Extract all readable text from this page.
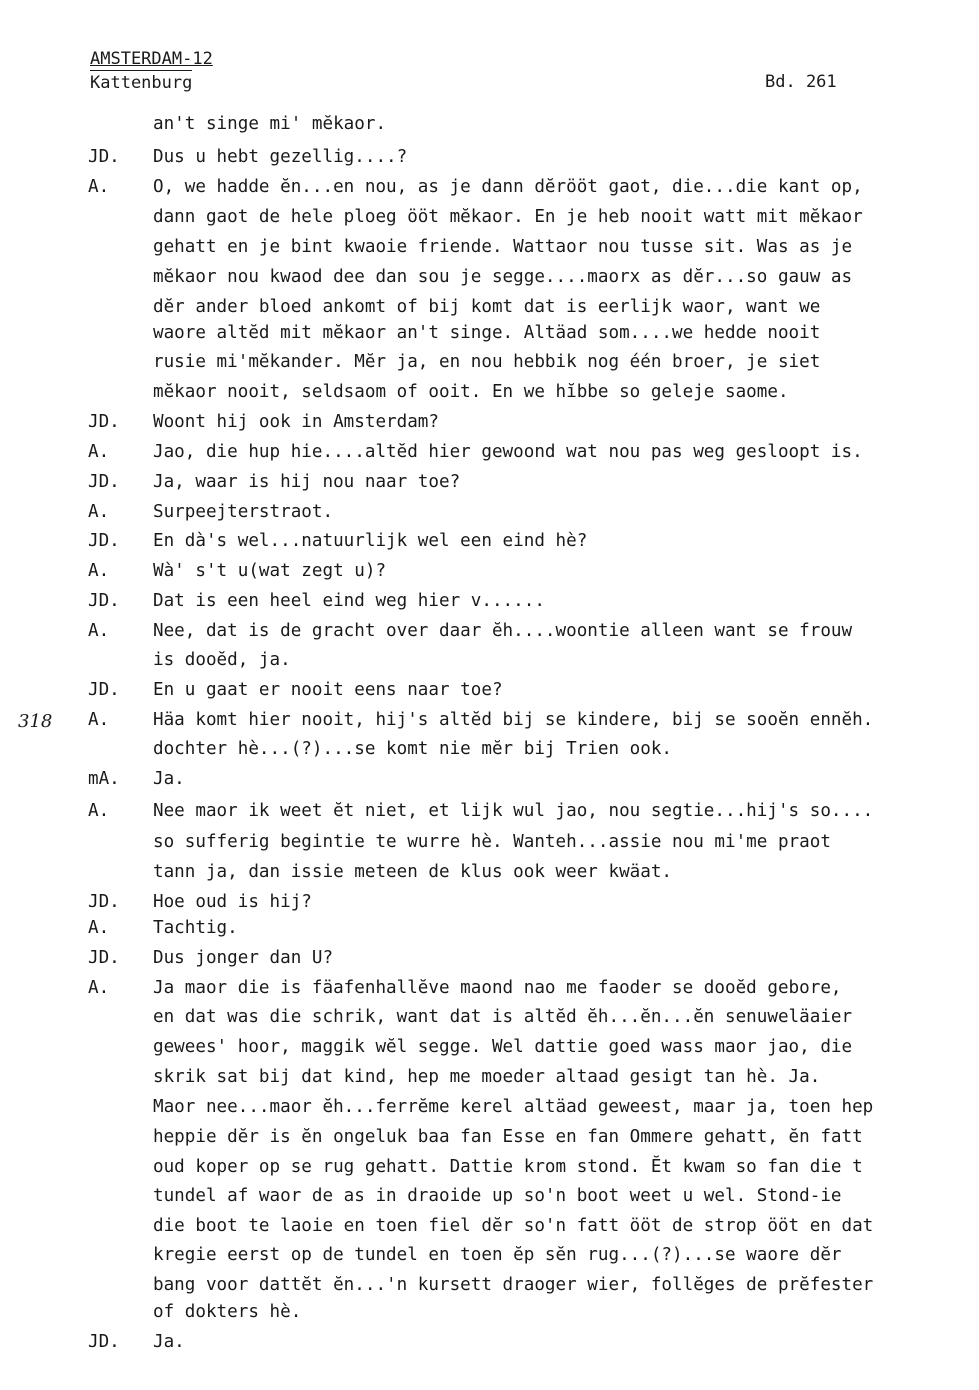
AMSTERDAM-12
Kattenburg	Bd. 261
318
an't singe mi' mĕkaor.
JD. Dus u hebt gezellig....?
A. O, we hadde ĕn...en nou, as je dann dĕrööt gaot, die...die kant op,
dann gaot de hele ploeg ööt mĕkaor. En je heb nooit watt mit mĕkaor
gehatt en je bint kwaoie friende. Wattaor nou tusse sit. Was as je
mĕkaor nou kwaod dee dan sou je segge....maorx as dĕr...so gauw as
dĕr ander bloed ankomt of bij komt dat is eerlijk waor, want we
waore altĕd mit mĕkaor an't singe. Altäad som....we hedde nooit
rusie mi'mĕkander. Mĕr ja, en nou hebbik nog één broer, je siet
mĕkaor nooit, seldsaom of ooit. En we hĭbbe so geleje saome.
JD. Woont hij ook in Amsterdam?
A. Jao, die hup hie....altĕd hier gewoond wat nou pas weg gesloopt is.
JD. Ja, waar is hij nou naar toe?
A. Surpeejterstraot.
JD. En dà's wel...natuurlijk wel een eind hè?
A. Wà' s't u(wat zegt u)?
JD. Dat is een heel eind weg hier v......
A. Nee, dat is de gracht over daar ĕh....woontie alleen want se frouw
is dooĕd, ja.
JD. En u gaat er nooit eens naar toe?
A. Häa komt hier nooit, hij's altĕd bij se kindere, bij se sooĕn ennĕh.
dochter hè...(?)...se komt nie mĕr bij Trien ook.
mA. Ja.
A. Nee maor ik weet ĕt niet, et lijk wul jao, nou segtie...hij's so....
so sufferig begintie te wurre hè. Wanteh...assie nou mi'me praot
tann ja, dan issie meteen de klus ook weer kwäat.
JD. Hoe oud is hij?
A. Tachtig.
JD. Dus jonger dan U?
A. Ja maor die is fäafenhallĕve maond nao me faoder se dooĕd gebore,
en dat was die schrik, want dat is altĕd ĕh...ĕn...ĕn senuweläaier
gewees' hoor, maggik wĕl segge. Wel dattie goed wass maor jao, die
skrik sat bij dat kind, hep me moeder altaad gesigt tan hè. Ja.
Maor nee...maor ĕh...ferrĕme kerel altäad geweest, maar ja, toen hep
heppie dĕr is ĕn ongeluk baa fan Esse en fan Ommere gehatt, ĕn fatt
oud koper op se rug gehatt. Dattie krom stond. Ĕt kwam so fan die t
tundel af waor de as in draoide up so'n boot weet u wel. Stond-ie
die boot te laoie en toen fiel dĕr so'n fatt ööt de strop ööt en dat
kregie eerst op de tundel en toen ĕp sĕn rug...(?)...se waore dĕr
bang voor dattĕt ĕn...'n kursett draoger wier, follĕges de prĕfester
of dokters hè.
JD. Ja.
